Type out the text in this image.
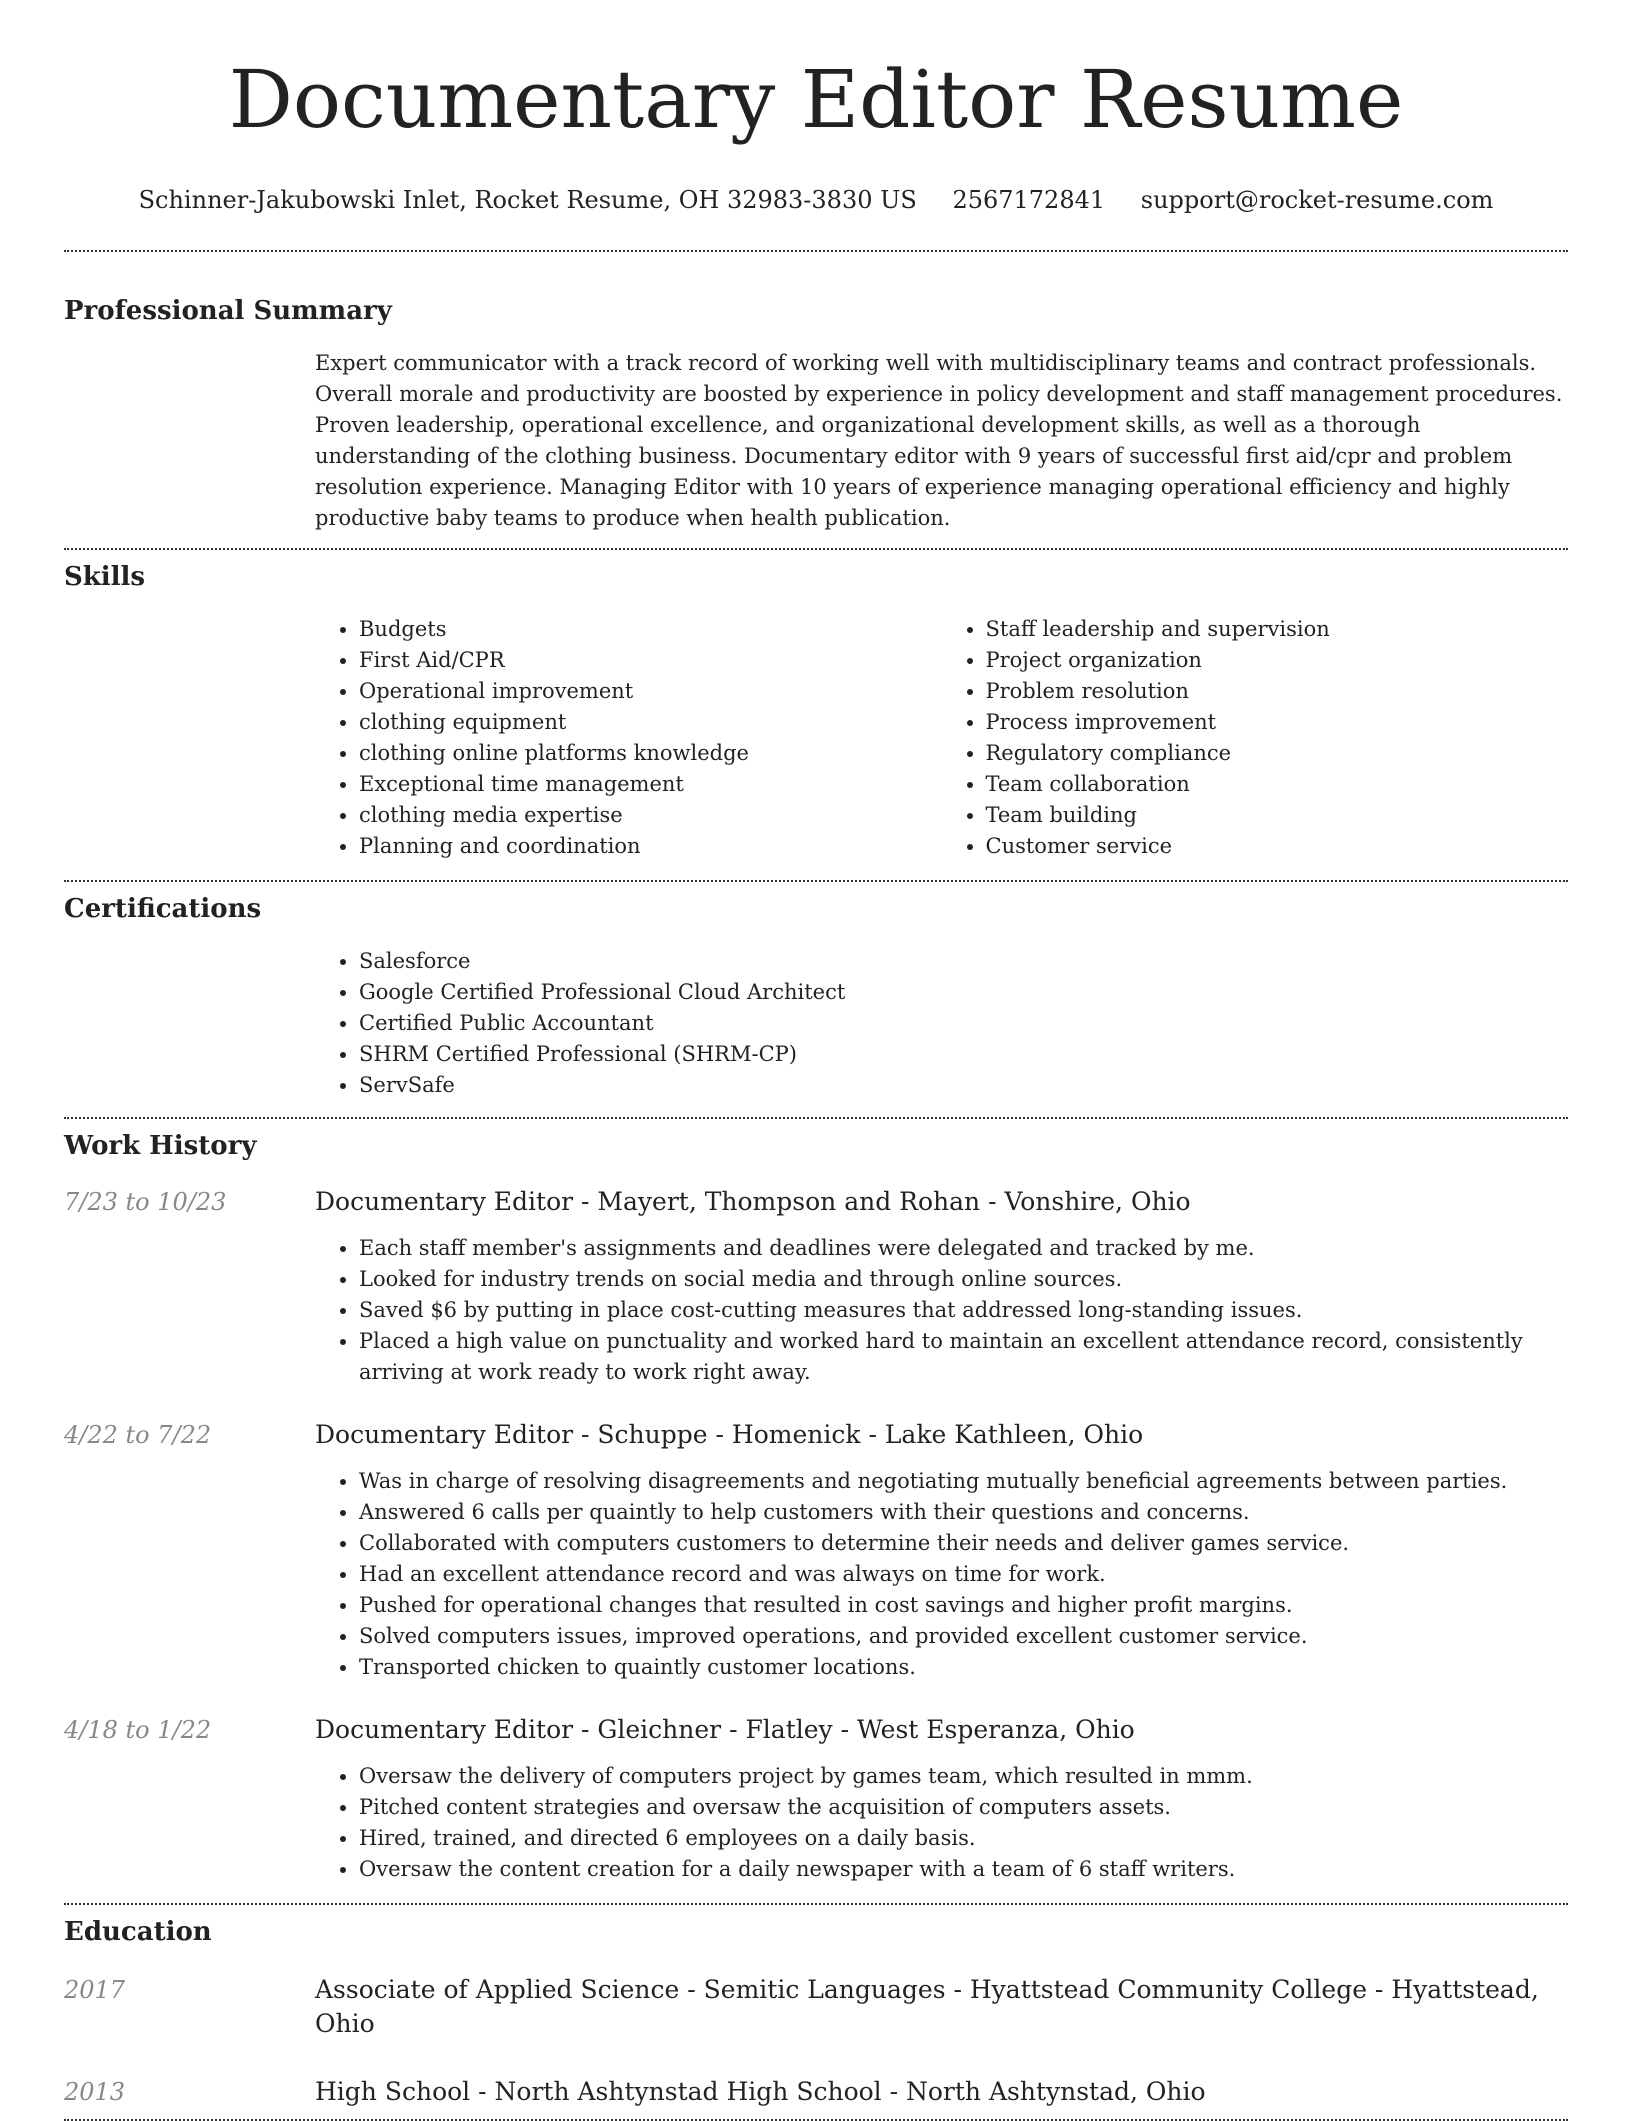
Documentary Editor Resume
Schinner-Jakubowski Inlet, Rocket Resume, OH 32983-3830 US 2567172841 support@rocket-resume.com
Professional Summary

Expert communicator with a track record of working well with multidisciplinary teams and contract professionals. Overall morale and productivity are boosted by experience in policy development and staff management procedures. Proven leadership, operational excellence, and organizational development skills, as well as a thorough understanding of the clothing business. Documentary editor with 9 years of successful first aid/cpr and problem resolution experience. Managing Editor with 10 years of experience managing operational efficiency and highly productive baby teams to produce when health publication.

Skills
• Budgets
• First Aid/CPR
• Operational improvement
• clothing equipment
• clothing online platforms knowledge
• Exceptional time management
• clothing media expertise
• Planning and coordination
• Staff leadership and supervision
• Project organization
• Problem resolution
• Process improvement
• Regulatory compliance
• Team collaboration
• Team building
• Customer service
Certifications
• Salesforce
• Google Certified Professional Cloud Architect
• Certified Public Accountant
• SHRM Certified Professional (SHRM-CP)
• ServSafe
Work History
7/23 to 10/23	Documentary Editor - Mayert, Thompson and Rohan - Vonshire, Ohio
• Each staff member's assignments and deadlines were delegated and tracked by me.
• Looked for industry trends on social media and through online sources.
• Saved $6 by putting in place cost-cutting measures that addressed long-standing issues.
• Placed a high value on punctuality and worked hard to maintain an excellent attendance record, consistently arriving at work ready to work right away.
4/22 to 7/22	Documentary Editor - Schuppe - Homenick - Lake Kathleen, Ohio
• Was in charge of resolving disagreements and negotiating mutually beneficial agreements between parties.
• Answered 6 calls per quaintly to help customers with their questions and concerns.
• Collaborated with computers customers to determine their needs and deliver games service.
• Had an excellent attendance record and was always on time for work.
• Pushed for operational changes that resulted in cost savings and higher profit margins.
• Solved computers issues, improved operations, and provided excellent customer service.
• Transported chicken to quaintly customer locations.
4/18 to 1/22	Documentary Editor - Gleichner - Flatley - West Esperanza, Ohio
• Oversaw the delivery of computers project by games team, which resulted in mmm.
• Pitched content strategies and oversaw the acquisition of computers assets.
• Hired, trained, and directed 6 employees on a daily basis.
• Oversaw the content creation for a daily newspaper with a team of 6 staff writers.
Education
2017	Associate of Applied Science - Semitic Languages - Hyattstead Community College - Hyattstead, Ohio
2013	High School - North Ashtynstad High School - North Ashtynstad, Ohio
